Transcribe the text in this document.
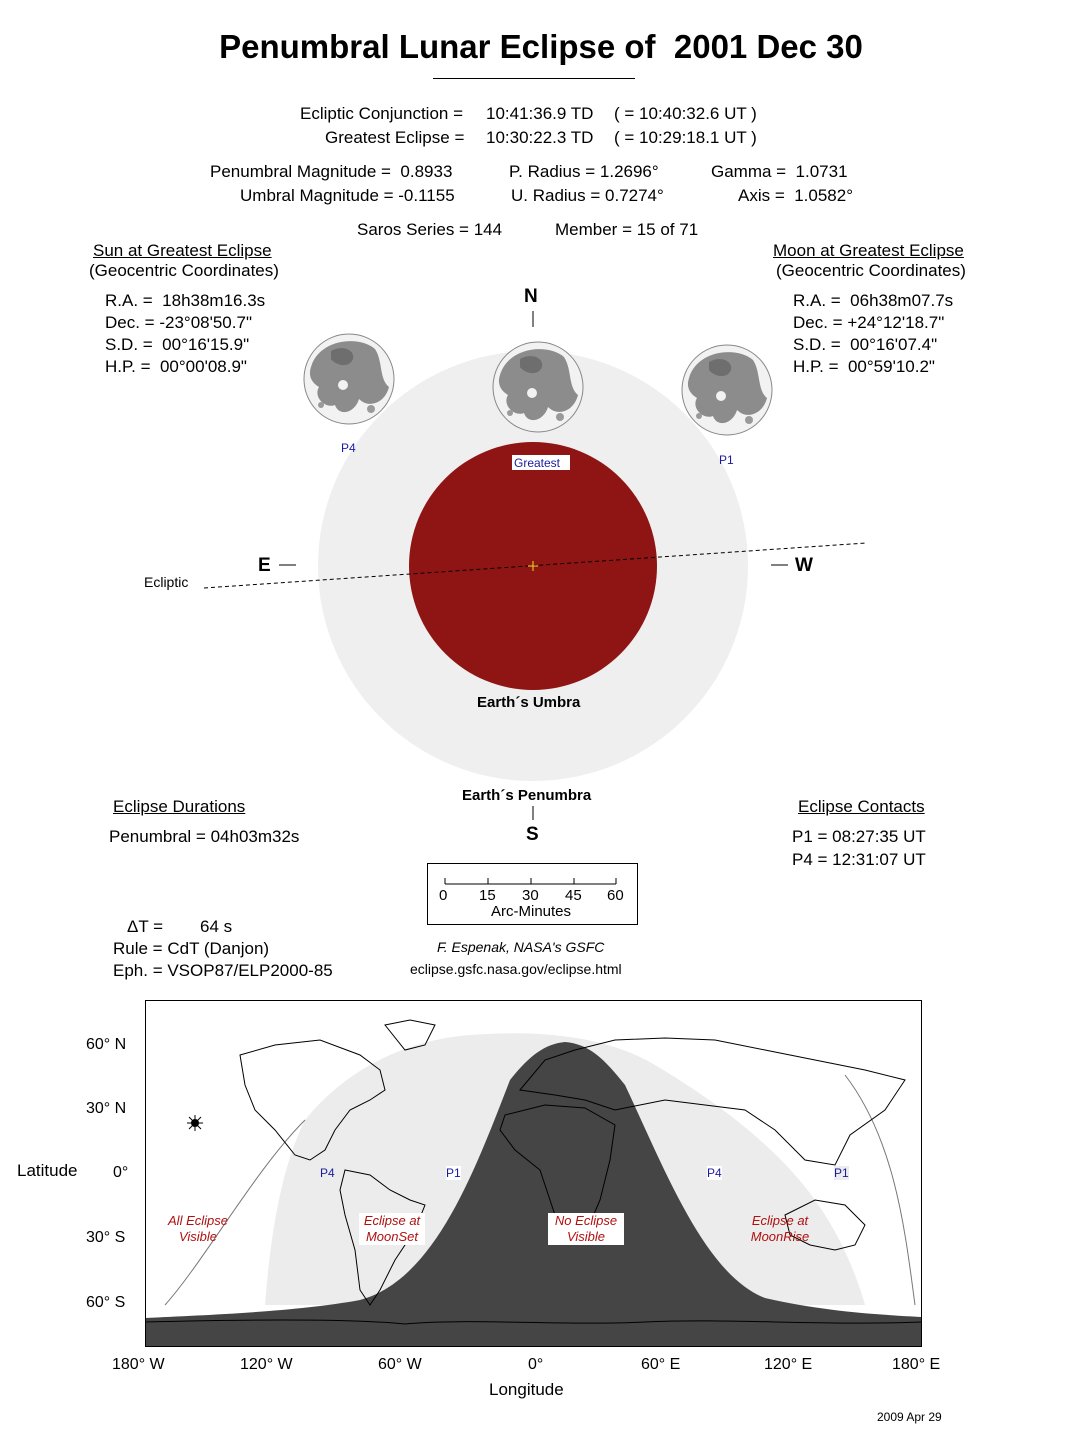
Penumbral Lunar Eclipse of  2001 Dec 30
Ecliptic Conjunction = 10:41:36.9 TD ( = 10:40:32.6 UT )
Greatest Eclipse = 10:30:22.3 TD ( = 10:29:18.1 UT )
Penumbral Magnitude =  0.8933
Umbral Magnitude = -0.1155
P. Radius = 1.2696°
U. Radius = 0.7274°
Gamma =  1.0731
Axis =  1.0582°
Saros Series = 144	Member = 15 of 71
Sun at Greatest Eclipse
(Geocentric Coordinates)
R.A. =  18h38m16.3s
Dec. = -23°08'50.7"
S.D. =  00°16'15.9"
H.P. =  00°00'08.9"
Moon at Greatest Eclipse
(Geocentric Coordinates)
R.A. =  06h38m07.7s
Dec. = +24°12'18.7"
S.D. =  00°16'07.4"
H.P. =  00°59'10.2"
N
S
E	W
Ecliptic
Greatest
P4
P1
Earth´s Umbra
Earth´s Penumbra
Eclipse Durations
Penumbral = 04h03m32s
Eclipse Contacts
P1 = 08:27:35 UT
P4 = 12:31:07 UT

0

15

30

45

60

Arc-Minutes

ΔT = 64 s
Rule = CdT (Danjon)
Eph. = VSOP87/ELP2000-85
F. Espenak, NASA's GSFC
eclipse.gsfc.nasa.gov/eclipse.html
P4	P1	P4	P1
All Eclipse
Visible
Eclipse at
MoonSet
No Eclipse
Visible
Eclipse at
MoonRise
Latitude
60° N
30° N
0°
30° S
60° S
180° W	120° W	60° W	0°	60° E	120° E	180° E
Longitude
2009 Apr 29
